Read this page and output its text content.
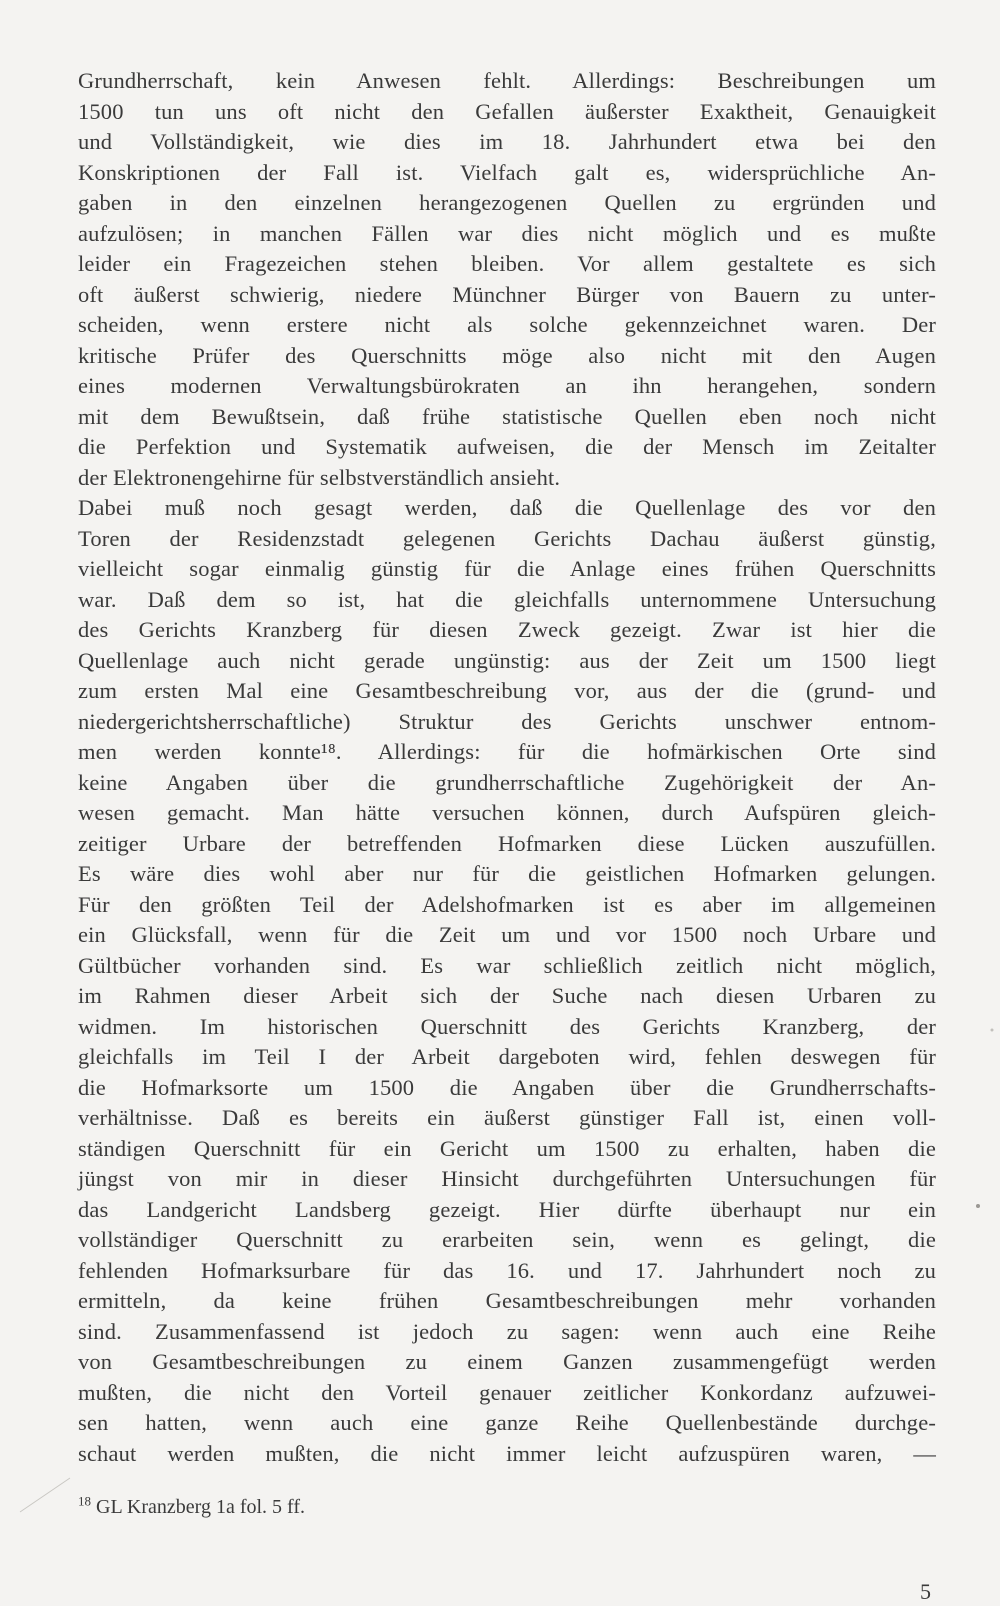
Grundherrschaft, kein Anwesen fehlt. Allerdings: Beschreibungen um
1500 tun uns oft nicht den Gefallen äußerster Exaktheit, Genauigkeit
und Vollständigkeit, wie dies im 18. Jahrhundert etwa bei den
Konskriptionen der Fall ist. Vielfach galt es, widersprüchliche An-
gaben in den einzelnen herangezogenen Quellen zu ergründen und
aufzulösen; in manchen Fällen war dies nicht möglich und es mußte
leider ein Fragezeichen stehen bleiben. Vor allem gestaltete es sich
oft äußerst schwierig, niedere Münchner Bürger von Bauern zu unter-
scheiden, wenn erstere nicht als solche gekennzeichnet waren. Der
kritische Prüfer des Querschnitts möge also nicht mit den Augen
eines modernen Verwaltungsbürokraten an ihn herangehen, sondern
mit dem Bewußtsein, daß frühe statistische Quellen eben noch nicht
die Perfektion und Systematik aufweisen, die der Mensch im Zeitalter
der Elektronengehirne für selbstverständlich ansieht.
Dabei muß noch gesagt werden, daß die Quellenlage des vor den
Toren der Residenzstadt gelegenen Gerichts Dachau äußerst günstig,
vielleicht sogar einmalig günstig für die Anlage eines frühen Querschnitts
war. Daß dem so ist, hat die gleichfalls unternommene Untersuchung
des Gerichts Kranzberg für diesen Zweck gezeigt. Zwar ist hier die
Quellenlage auch nicht gerade ungünstig: aus der Zeit um 1500 liegt
zum ersten Mal eine Gesamtbeschreibung vor, aus der die (grund- und
niedergerichtsherrschaftliche) Struktur des Gerichts unschwer entnom-
men werden konnte¹⁸. Allerdings: für die hofmärkischen Orte sind
keine Angaben über die grundherrschaftliche Zugehörigkeit der An-
wesen gemacht. Man hätte versuchen können, durch Aufspüren gleich-
zeitiger Urbare der betreffenden Hofmarken diese Lücken auszufüllen.
Es wäre dies wohl aber nur für die geistlichen Hofmarken gelungen.
Für den größten Teil der Adelshofmarken ist es aber im allgemeinen
ein Glücksfall, wenn für die Zeit um und vor 1500 noch Urbare und
Gültbücher vorhanden sind. Es war schließlich zeitlich nicht möglich,
im Rahmen dieser Arbeit sich der Suche nach diesen Urbaren zu
widmen. Im historischen Querschnitt des Gerichts Kranzberg, der
gleichfalls im Teil I der Arbeit dargeboten wird, fehlen deswegen für
die Hofmarksorte um 1500 die Angaben über die Grundherrschafts-
verhältnisse. Daß es bereits ein äußerst günstiger Fall ist, einen voll-
ständigen Querschnitt für ein Gericht um 1500 zu erhalten, haben die
jüngst von mir in dieser Hinsicht durchgeführten Untersuchungen für
das Landgericht Landsberg gezeigt. Hier dürfte überhaupt nur ein
vollständiger Querschnitt zu erarbeiten sein, wenn es gelingt, die
fehlenden Hofmarksurbare für das 16. und 17. Jahrhundert noch zu
ermitteln, da keine frühen Gesamtbeschreibungen mehr vorhanden
sind. Zusammenfassend ist jedoch zu sagen: wenn auch eine Reihe
von Gesamtbeschreibungen zu einem Ganzen zusammengefügt werden
mußten, die nicht den Vorteil genauer zeitlicher Konkordanz aufzuwei-
sen hatten, wenn auch eine ganze Reihe Quellenbestände durchge-
schaut werden mußten, die nicht immer leicht aufzuspüren waren, —
$^{18}$ GL Kranzberg 1a fol. 5 ff.
5
